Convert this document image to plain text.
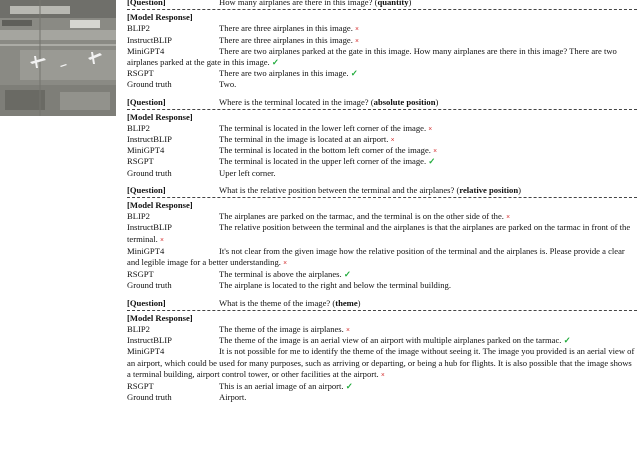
[Question]	How many airplanes are there in this image? (quantity)
[Model Response]
BLIP2	There are three airplanes in this image. ×
InstructBLIP	There are three airplanes in this image. ×
MiniGPT4	There are two airplanes parked at the gate in this image. How many airplanes are there in this image? There are two airplanes parked at the gate in this image. ✓
RSGPT	There are two airplanes in this image. ✓
Ground truth	Two.
[Question]	Where is the terminal located in the image? (absolute position)
[Model Response]
BLIP2	The terminal is located in the lower left corner of the image. ×
InstructBLIP	The terminal in the image is located at an airport. ×
MiniGPT4	The terminal is located in the bottom left corner of the image. ×
RSGPT	The terminal is located in the upper left corner of the image. ✓
Ground truth	Uper left corner.
[Question]	What is the relative position between the terminal and the airplanes? (relative position)
[Model Response]
BLIP2	The airplanes are parked on the tarmac, and the terminal is on the other side of the. ×
InstructBLIP	The relative position between the terminal and the airplanes is that the airplanes are parked on the tarmac in front of the terminal. ×
MiniGPT4	It's not clear from the given image how the relative position of the terminal and the airplanes is. Please provide a clear and legible image for a better understanding. ×
RSGPT	The terminal is above the airplanes. ✓
Ground truth	The airplane is located to the right and below the terminal building.
[Question]	What is the theme of the image? (theme)
[Model Response]
BLIP2	The theme of the image is airplanes. ×
InstructBLIP	The theme of the image is an aerial view of an airport with multiple airplanes parked on the tarmac. ✓
MiniGPT4	It is not possible for me to identify the theme of the image without seeing it. The image you provided is an aerial view of an airport, which could be used for many purposes, such as arriving or departing, or being a hub for flights. It is also possible that the image shows a terminal building, airport control tower, or other facilities at the airport. ×
RSGPT	This is an aerial image of an airport. ✓
Ground truth	Airport.
